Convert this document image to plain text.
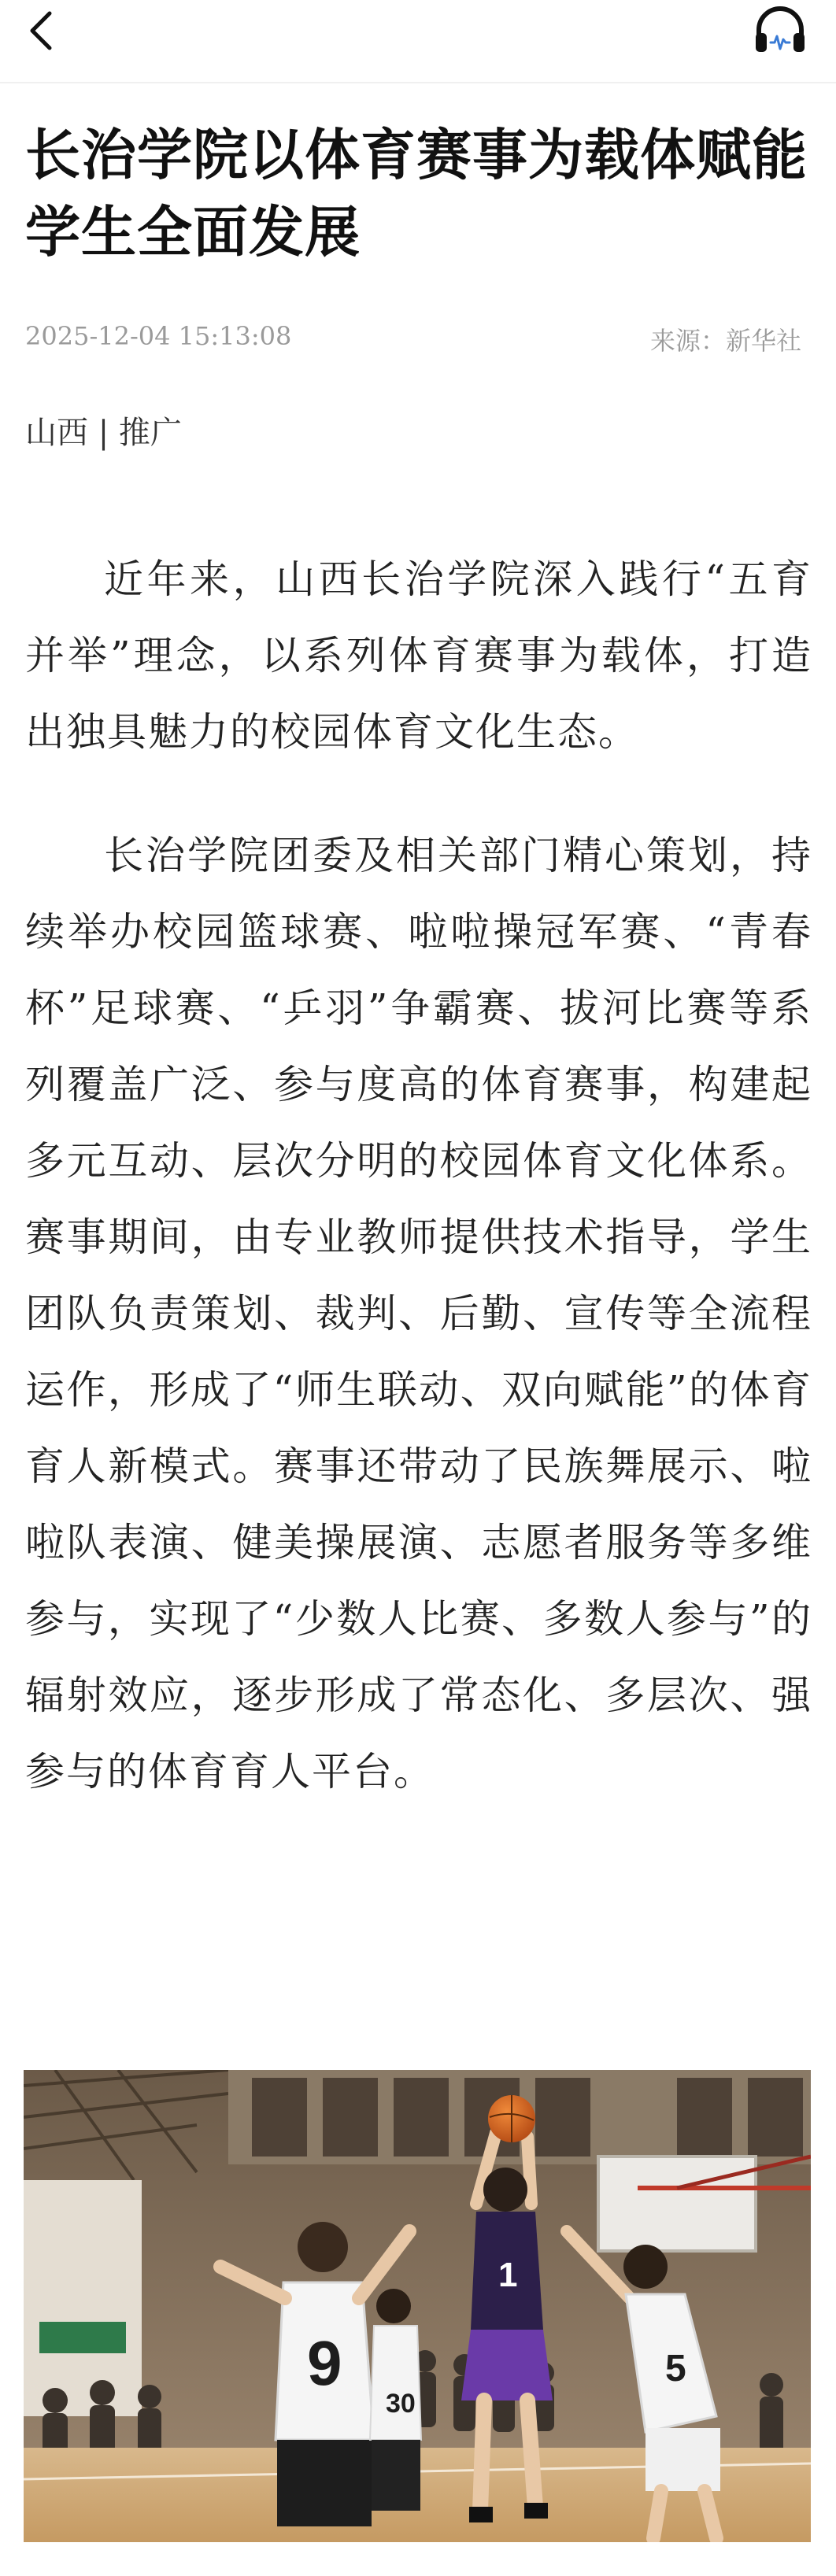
长治学院以体育赛事为载体赋能学生全面发展
2025-12-04 15:13:08	来源：新华社
山西 | 推广

近年来，山西长治学院深入践行“五育并举”理念，以系列体育赛事为载体，打造出独具魅力的校园体育文化生态。

长治学院团委及相关部门精心策划，持续举办校园篮球赛、啦啦操冠军赛、“青春杯”足球赛、“乒羽”争霸赛、拔河比赛等系列覆盖广泛、参与度高的体育赛事，构建起多元互动、层次分明的校园体育文化体系。赛事期间，由专业教师提供技术指导，学生团队负责策划、裁判、后勤、宣传等全流程运作，形成了“师生联动、双向赋能”的体育育人新模式。赛事还带动了民族舞展示、啦啦队表演、健美操展演、志愿者服务等多维参与，实现了“少数人比赛、多数人参与”的辐射效应，逐步形成了常态化、多层次、强参与的体育育人平台。

9
30
1
5
